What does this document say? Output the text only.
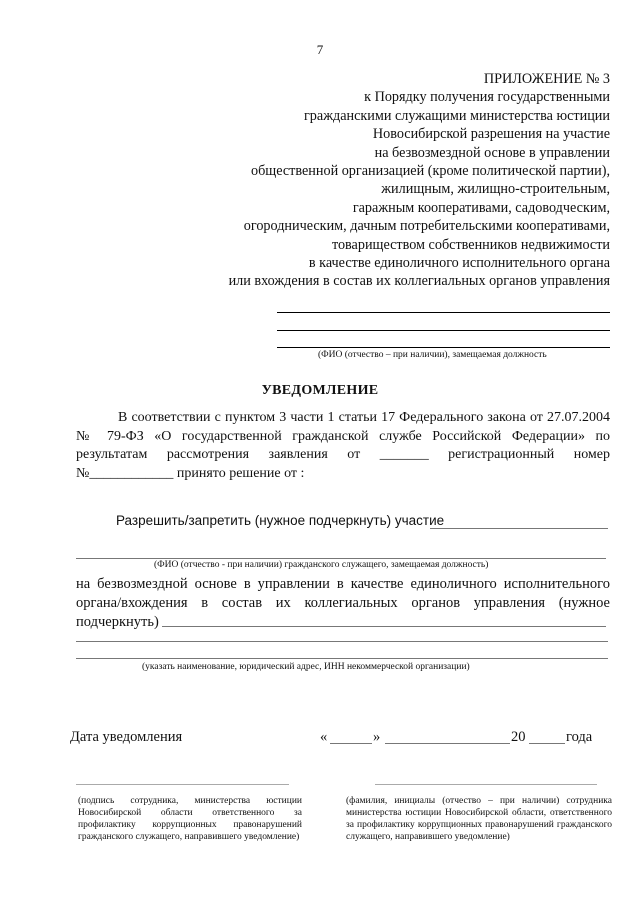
7
ПРИЛОЖЕНИЕ № 3
к Порядку получения государственными
гражданскими служащими министерства юстиции
Новосибирской разрешения на участие
на безвозмездной основе в управлении
общественной организацией (кроме политической партии),
жилищным, жилищно-строительным,
гаражным кооперативами, садоводческим,
огородническим, дачным потребительскими кооперативами,
товариществом собственников недвижимости
в качестве единоличного исполнительного органа
или вхождения в состав их коллегиальных органов управления
(ФИО (отчество – при наличии), замещаемая должность
УВЕДОМЛЕНИЕ
В соответствии с пунктом 3 части 1 статьи 17 Федерального закона от 27.07.2004
№ 79-ФЗ «О государственной гражданской службе Российской Федерации» по
результатам рассмотрения заявления от _______ регистрационный номер
№____________ принято решение от :
Разрешить/запретить (нужное подчеркнуть) участие
(ФИО (отчество - при наличии) гражданского служащего, замещаемая должность)
на безвозмездной основе в управлении в качестве единоличного исполнительного органа/вхождения в состав их коллегиальных органов управления (нужное подчеркнуть)
(указать наименование, юридический адрес, ИНН некоммерческой организации)
Дата уведомления	«	»	20	года
(подпись сотрудника, министерства юстиции Новосибирской области ответственного за профилактику коррупционных правонарушений гражданского служащего, направившего уведомление)
(фамилия, инициалы (отчество – при наличии) сотрудника министерства юстиции Новосибирской области, ответственного за профилактику коррупционных правонарушений гражданского служащего, направившего уведомление)
